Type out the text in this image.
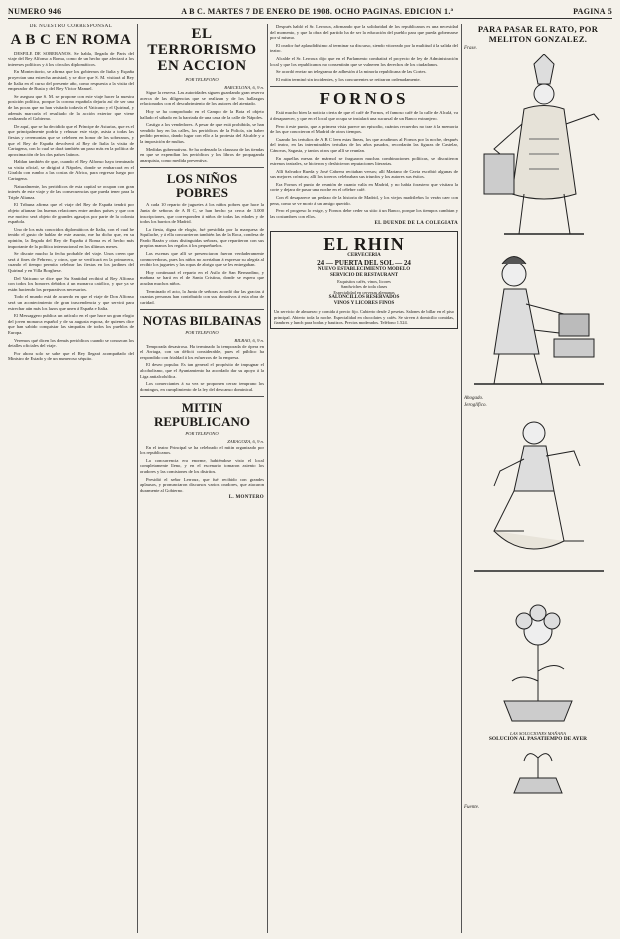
NUMERO 946	A B C. MARTES 7 DE ENERO DE 1908. OCHO PAGINAS. EDICION 1.ª	PAGINA 5
DE NUESTRO CORRESPONSAL
A B C EN ROMA

DESFILE DE SOBERANOS. Se habla, llegada de Paris del viaje del Rey Alfonso a Roma, como de un hecho que afectará a los intereses políticos y á los círculos diplomáticos.

En Montecitorio, se afirma que los gobiernos de Italia y España proyectan una estrecha amistad, y se dice que S. M. visitará al Rey de Italia en el curso del presente año, como respuesta a la visita del emperador de Rusia y del Rey Víctor Manuel.

Se asegura que S. M. se propone con este viaje hacer la nuestra posición política, porque la corona española dejaría así de ser una de las pocas que no han visitado todavía el Vaticano y el Quirinal, y además marcaría el resultado de la acción exterior que viene realizando el Gobierno.

De aquí, que se ha decidido que el Príncipe de Asturias, que es el que principalmente podría y rehusar este viaje, asista a todas las fiestas y ceremonias que se celebren en honor de los soberanos, y que el Rey de España devolverá al Rey de Italia la visita de Cartagena, con lo cual se dará también un paso más en la política de aproximación de los dos países latinos.

Hablan también de que, cuando el Rey Alfonso haya terminado su visita oficial, se dirigirá á Nápoles, donde se embarcará en el Giralda con rumbo a las costas de Africa, para regresar luego por Cartagena.

Naturalmente, los periódicos de esta capital se ocupan con gran interés de este viaje y de las consecuencias que pueda tener para la Triple Alianza.

El Tribuna afirma que el viaje del Rey de España tendrá por objeto afianzar las buenas relaciones entre ambos países y que con ese motivo será objeto de grandes agasajos por parte de la colonia española.

Uno de los más conocidos diplomáticos de Italia, con el cual he tenido el gusto de hablar de este asunto, me ha dicho que, en su opinión, la llegada del Rey de España á Roma es el hecho más importante de la política internacional en los últimos meses.

Se discute mucho la fecha probable del viaje. Unos creen que será á fines de Febrero, y otros, que se verificará en la primavera, cuando el tiempo permita celebrar las fiestas en los jardines del Quirinal y en Villa Borghese.

Del Vaticano se dice que Su Santidad recibirá al Rey Alfonso con todos los honores debidos á un monarca católico, y que ya se están haciendo los preparativos necesarios.

Todo el mundo está de acuerdo en que el viaje de Don Alfonso será un acontecimiento de gran trascendencia y que servirá para estrechar aún más los lazos que unen á España e Italia.

El Messaggero publica un artículo en el que hace un gran elogio del joven monarca español y de su augusta esposa, de quienes dice que han sabido conquistar las simpatías de todos los pueblos de Europa.

Veremos qué dicen los demás periódicos cuando se conozcan los detalles oficiales del viaje.

Por ahora solo se sabe que el Rey llegará acompañado del Ministro de Estado y de un numeroso séquito.

EL TERRORISMO EN ACCION
POR TELEFONO
BARCELONA, 6, 9 n.

Sigue la reserva. Las autoridades siguen guardando gran reserva acerca de las diligencias que se realizan y de los hallazgos relacionados con el descubrimiento de los autores del atentado.

Hoy se ha comprobado en el Campo de la Bota el objeto hallado el sábado en la barriada de una casa de la calle de Nápoles.

Castigo a los vendedores. A pesar de que está prohibida, se han vendido hoy en las calles, los periódicos de la Policía, sin haber pedido permiso, dando lugar con ello a la protesta del Alcalde y a la imposición de multas.

Medidas gubernativas. Se ha ordenado la clausura de las tiendas en que se expendían los periódicos y los libros de propaganda anarquista, como medida preventiva.

LOS NIÑOS POBRES

A cada 10 reparto de juguetes á los niños pobres que hace la Junta de señoras de A B C, se han hecho ya cerca de 3.000 inscripciones, que corresponden á niños de todas las edades y de todos los barrios de Madrid.

La fiesta, digna de elogio, fué presidida por la marquesa de Squilache, y á ella concurrieron también las de la Roca, condesa de Pardo Bazán y otras distinguidas señoras, que repartieron con sus propias manos los regalos á los pequeñuelos.

Las escenas que allí se presenciaron fueron verdaderamente conmovedoras, pues los niños no acertaban á expresar su alegría al recibir los juguetes y las ropas de abrigo que se les entregaban.

Hoy continuará el reparto en el Asilo de San Bernardino, y mañana se hará en el de Santa Cristina, donde se espera que acudan muchos niños.

Terminado el acto, la Junta de señoras acordó dar las gracias á cuantas personas han contribuido con sus donativos á esta obra de caridad.

NOTAS BILBAINAS
POR TELEFONO
BILBAO, 6, 9 n.

Temporada desastrosa. Ha terminado la temporada de ópera en el Arriaga, con un déficit considerable, pues el público ha respondido con frialdad á los esfuerzos de la empresa.

El deseo popular. Es tan general el propósito de impugnar el alcoholismo, que el Ayuntamiento ha acordado dar su apoyo á la Liga antialcohólica.

Los comerciantes á su vez se proponen cerrar temprano los domingos, en cumplimiento de la ley del descanso dominical.

MITIN REPUBLICANO
POR TELEFONO
ZARAGOZA, 6, 9 n.

En el teatro Principal se ha celebrado el mitin organizado por los republicanos.

La concurrencia era enorme, habiéndose visto el local completamente lleno, y en el escenario tomaron asiento los oradores y las comisiones de los distritos.

Presidió el señor Lerroux, que fué recibido con grandes aplausos, y pronunciaron discursos varios oradores, que atacaron duramente al Gobierno.

L. MONTERO

Después habló el Sr. Lerroux, afirmando que la solidaridad de los republicanos es una necesidad del momento, y que la obra del partido ha de ser la educación del pueblo para que pueda gobernarse por sí mismo.

El orador fué aplaudidísimo al terminar su discurso, siendo vitoreado por la multitud á la salida del teatro.

Alcalde el Sr. Lerroux dijo que en el Parlamento combatirá el proyecto de ley de Administración local y que los republicanos no consentirán que se vulneren los derechos de los ciudadanos.

Se acordó enviar un telegrama de adhesión á la minoría republicana de las Cortes.

El mitin terminó sin incidentes, y los concurrentes se retiraron ordenadamente.

FORNOS

Está mucho bien la noticia cierta de que el café de Fornos, el famoso café de la calle de Alcalá, va á desaparecer, y que en el local que ocupa se instalará una sucursal de un Banco extranjero.

Pero á este punto, que a primera vista parece un episodio, cuántos recuerdos no trae á la memoria de los que conocieron el Madrid de otros tiempos.

Cuando los tertulios de A B C leen estas líneas, los que acudimos al Fornos por la noche, después del teatro, en las interminables tertulias de los años pasados, recordarán las figuras de Castelar, Cánovas, Sagasta, y tantos otros que allí se reunían.

En aquellas mesas de mármol se fraguaron muchas combinaciones políticas, se discutieron estrenos teatrales, se hicieron y deshicieron reputaciones literarias.

Allí Salvador Rueda y José Cabrera recitaban versos; allí Mariano de Cavia escribió algunas de sus mejores crónicas; allí los toreros celebraban sus triunfos y los autores sus éxitos.

Era Fornos el punto de reunión de cuanto valía en Madrid, y no había forastero que visitara la corte y dejara de pasar una noche en el célebre café.

Con él desaparece un pedazo de la historia de Madrid, y los viejos madrileños lo verán caer con pena, como se ve morir á un amigo querido.

Pero el progreso lo exige, y Fornos debe ceder su sitio á un Banco, porque los tiempos cambian y las costumbres con ellos.

EL DUENDE DE LA COLEGIATA
EL RHIN
CERVECERIA
24 — PUERTA DEL SOL — 24
NUEVO ESTABLECIMIENTO MODELO
SERVICIO DE RESTAURANT
Esquisitos cafés, vinos, licores
Sandwiches de toda clases
Especialidad en cervezas alemanas
SALONCILLOS RESERVADOS
VINOS Y LICORES FINOS
Un servicio de almuerzo y comida á precio fijo. Cubierto desde 2 pesetas. Salones de billar en el piso principal. Abierto toda la noche. Especialidad en chocolates y cafés. Se sirven á domicilio comidas, fiambres y lunch para bodas y bautizos. Precios moderados. Teléfono 1.524.
PARA PASAR EL RATO, POR MELITON GONZALEZ.
Frase.
Ahogado.
Jeroglífico.
LAS SOLUCIONES MAÑANA
SOLUCION AL PASATIEMPO DE AYER
Fuente.
